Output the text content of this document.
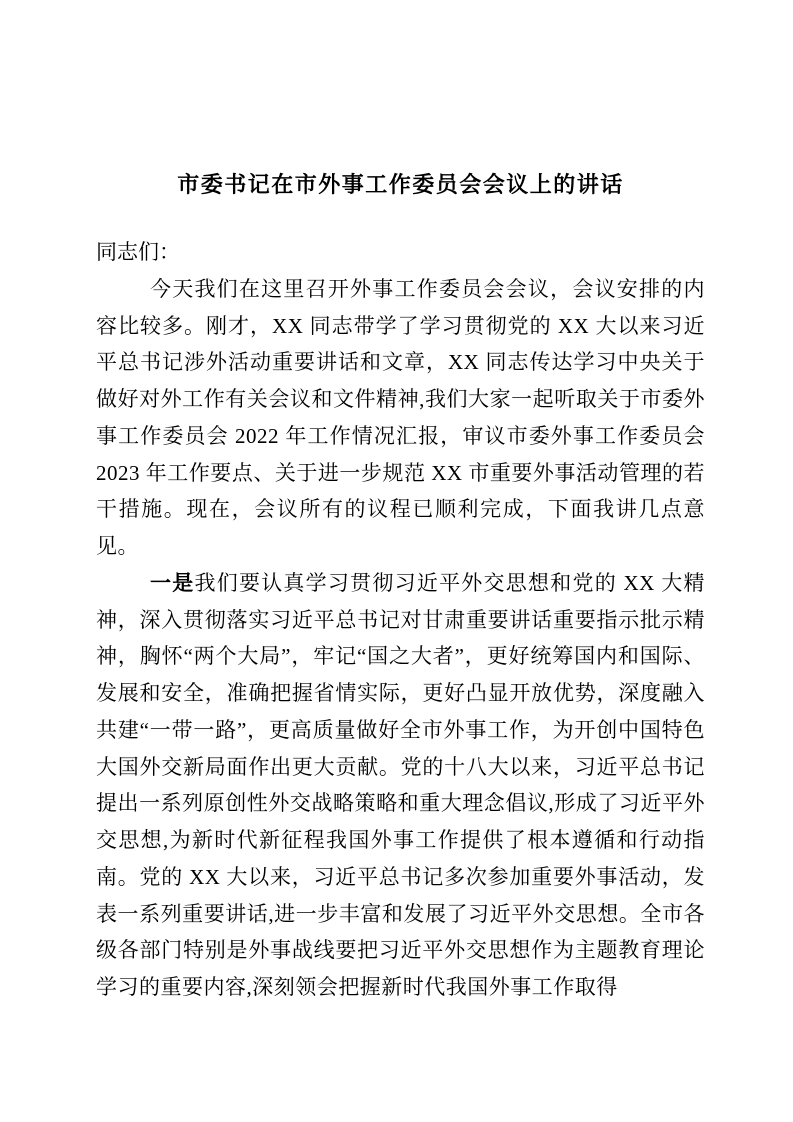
市委书记在市外事工作委员会会议上的讲话

同志们：

今天我们在这里召开外事工作委员会会议，会议安排的内容比较多。刚才，XX 同志带学了学习贯彻党的 XX 大以来习近平总书记涉外活动重要讲话和文章，XX 同志传达学习中央关于做好对外工作有关会议和文件精神,我们大家一起听取关于市委外事工作委员会 2022 年工作情况汇报，审议市委外事工作委员会 2023 年工作要点、关于进一步规范 XX 市重要外事活动管理的若干措施。现在，会议所有的议程已顺利完成，下面我讲几点意见。

一是我们要认真学习贯彻习近平外交思想和党的 XX 大精神，深入贯彻落实习近平总书记对甘肃重要讲话重要指示批示精神，胸怀“两个大局”，牢记“国之大者”，更好统筹国内和国际、发展和安全，准确把握省情实际，更好凸显开放优势，深度融入共建“一带一路”，更高质量做好全市外事工作，为开创中国特色大国外交新局面作出更大贡献。党的十八大以来，习近平总书记提出一系列原创性外交战略策略和重大理念倡议,形成了习近平外交思想,为新时代新征程我国外事工作提供了根本遵循和行动指南。党的 XX 大以来，习近平总书记多次参加重要外事活动，发表一系列重要讲话,进一步丰富和发展了习近平外交思想。全市各级各部门特别是外事战线要把习近平外交思想作为主题教育理论学习的重要内容,深刻领会把握新时代我国外事工作取得
